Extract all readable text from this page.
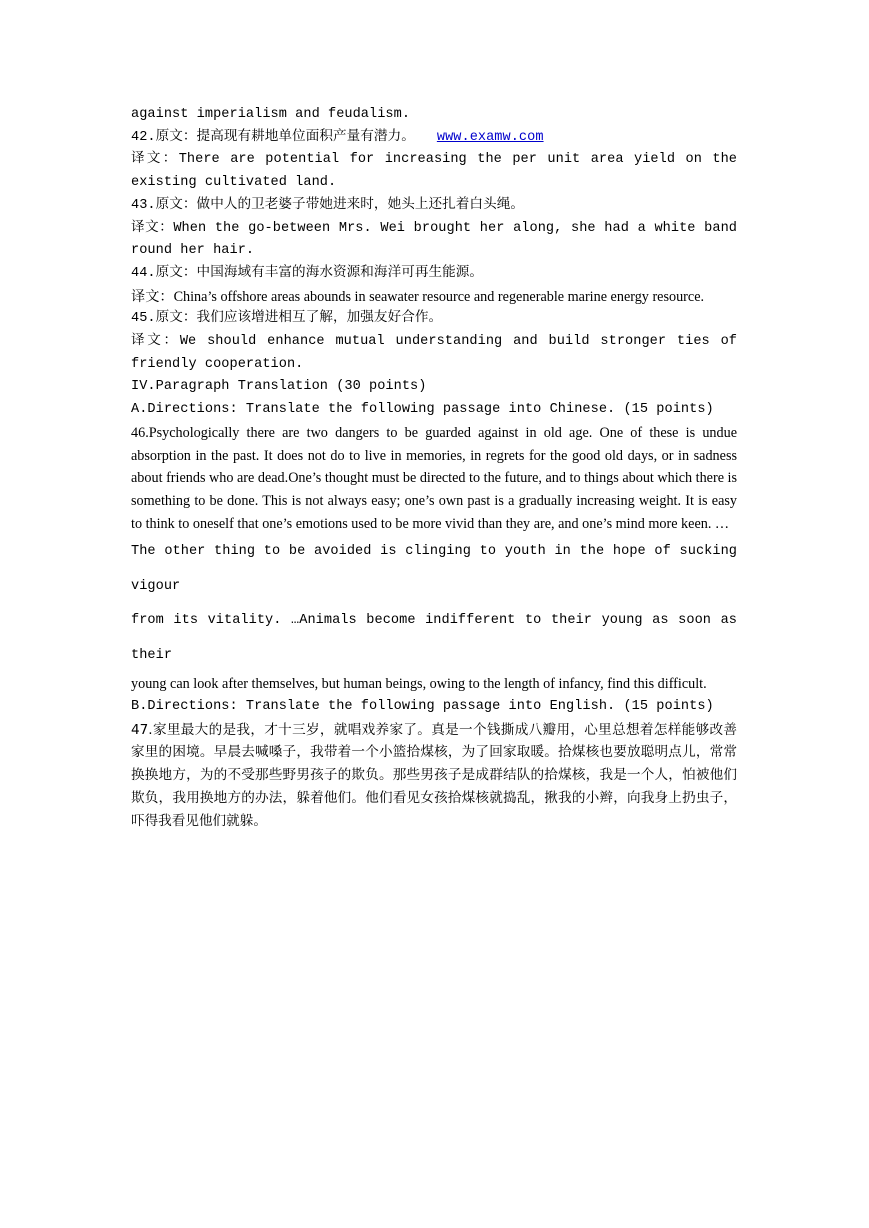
against imperialism and feudalism.

42.原文：提高现有耕地单位面积产量有潜力。 www.examw.com

译文：There are potential for increasing the per unit area yield on the existing cultivated land.

43.原文：做中人的卫老婆子带她进来时，她头上还扎着白头绳。

译文：When the go-between Mrs. Wei brought her along, she had a white band round her hair.

44.原文：中国海域有丰富的海水资源和海洋可再生能源。

译文：China’s offshore areas abounds in seawater resource and regenerable marine energy resource.

45.原文：我们应该增进相互了解，加强友好合作。

译文：We should enhance mutual understanding and build stronger ties of friendly cooperation.

IV.Paragraph Translation (30 points)

A.Directions: Translate the following passage into Chinese. (15 points)

46.Psychologically there are two dangers to be guarded against in old age. One of these is undue absorption in the past. It does not do to live in memories, in regrets for the good old days, or in sadness about friends who are dead.One’s thought must be directed to the future, and to things about which there is something to be done. This is not always easy; one’s own past is a gradually increasing weight. It is easy to think to oneself that one’s emotions used to be more vivid than they are, and one’s mind more keen. …

The other thing to be avoided is clinging to youth in the hope of sucking vigour

from its vitality. …Animals become indifferent to their young as soon as their

young can look after themselves, but human beings, owing to the length of infancy, find this difficult.

B.Directions: Translate the following passage into English. (15 points)

47.家里最大的是我，才十三岁，就唱戏养家了。真是一个钱撕成八瓣用，心里总想着怎样能够改善家里的困境。早晨去喊嗓子，我带着一个小篮拾煤核，为了回家取暖。拾煤核也要放聪明点儿，常常换换地方，为的不受那些野男孩子的欺负。那些男孩子是成群结队的拾煤核，我是一个人，怕被他们欺负，我用换地方的办法，躲着他们。他们看见女孩拾煤核就捣乱，揪我的小辫，向我身上扔虫子，吓得我看见他们就躲。
